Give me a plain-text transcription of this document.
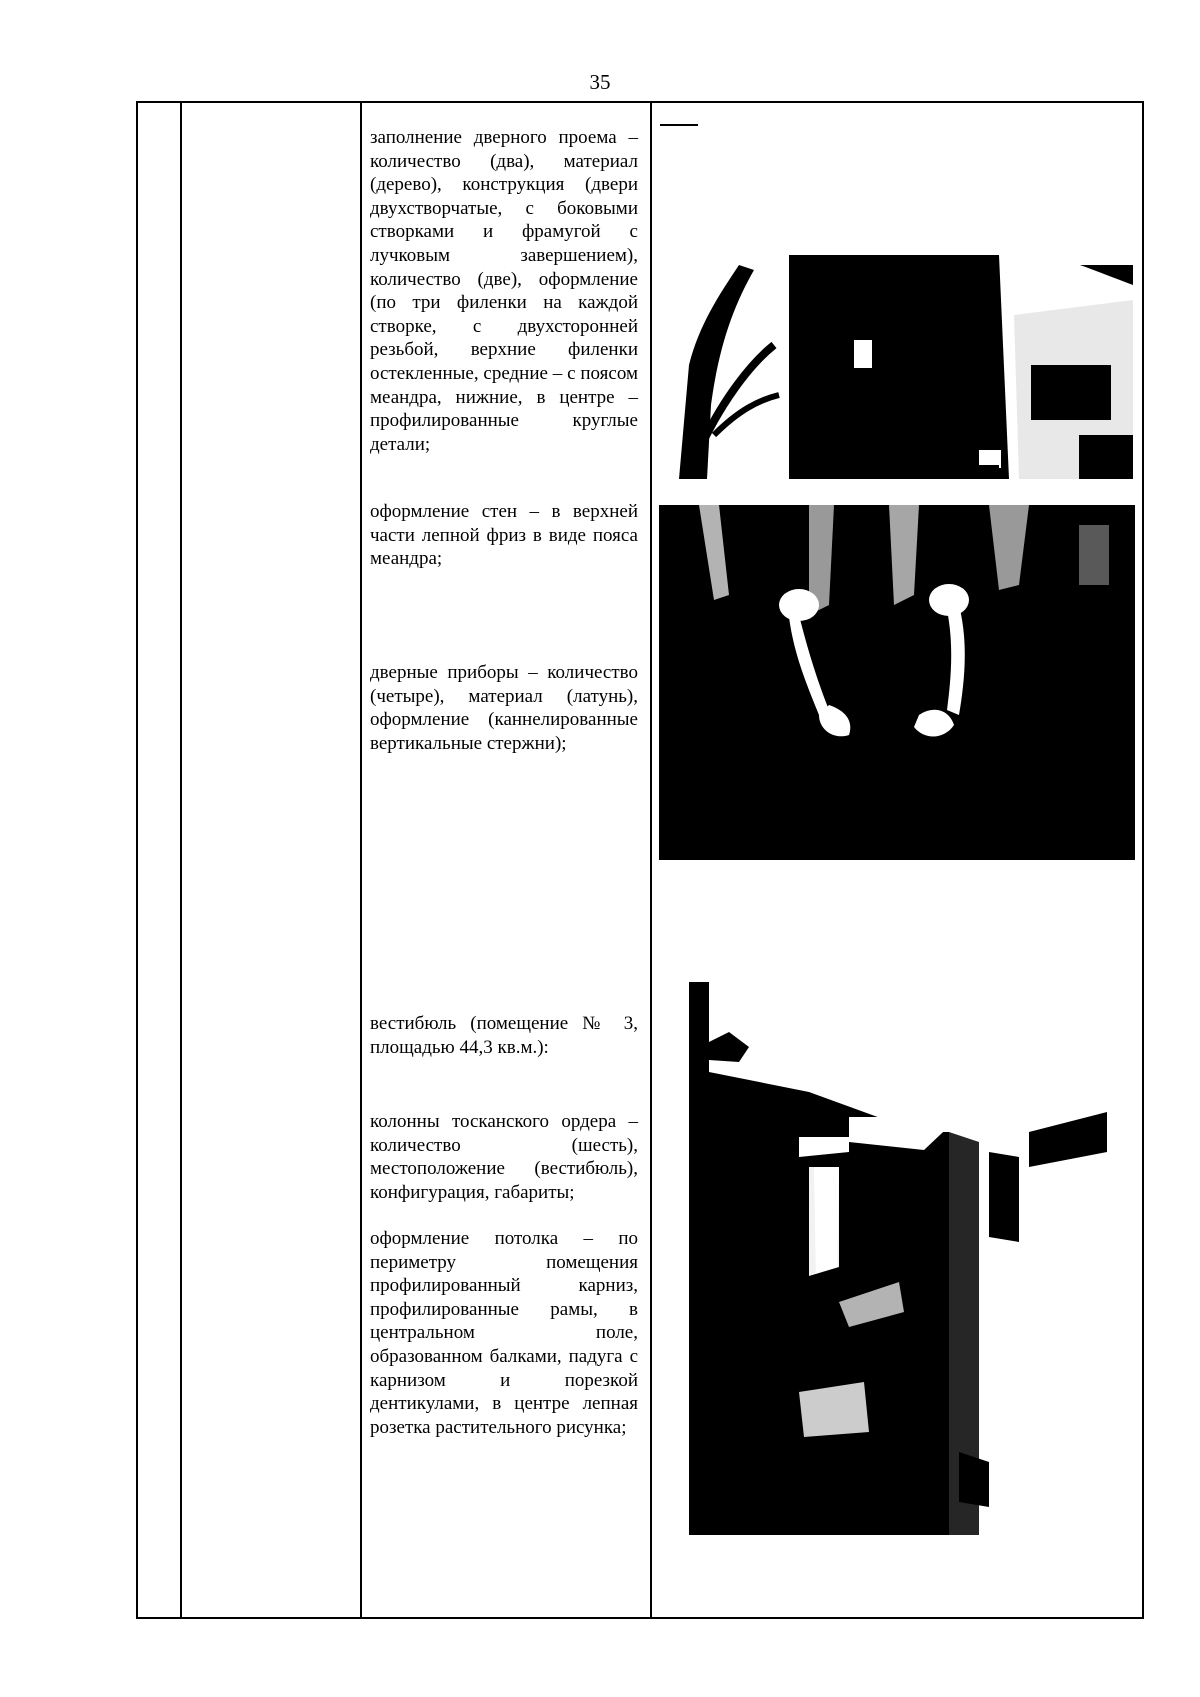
35

заполнение дверного проема – количество (два), материал (дерево), конструкция (двери двухстворчатые, с боковыми створками и фрамугой с лучковым завершением), количество (две), оформление (по три филенки на каждой створке, с двухсторонней резьбой, верхние филенки остекленные, средние – с поясом меандра, нижние, в центре – профилированные круглые детали;

оформление стен – в верхней части лепной фриз в виде пояса меандра;

дверные приборы – количество (четыре), материал (латунь), оформление (каннелированные вертикальные стержни);

вестибюль (помещение № 3, площадью 44,3 кв.м.):

колонны тосканского ордера – количество (шесть), местоположение (вестибюль), конфигурация, габариты;

оформление потолка – по периметру помещения профилированный карниз, профилированные рамы, в центральном поле, образованном балками, падуга с карнизом и порезкой дентикулами, в центре лепная розетка растительного рисунка;
